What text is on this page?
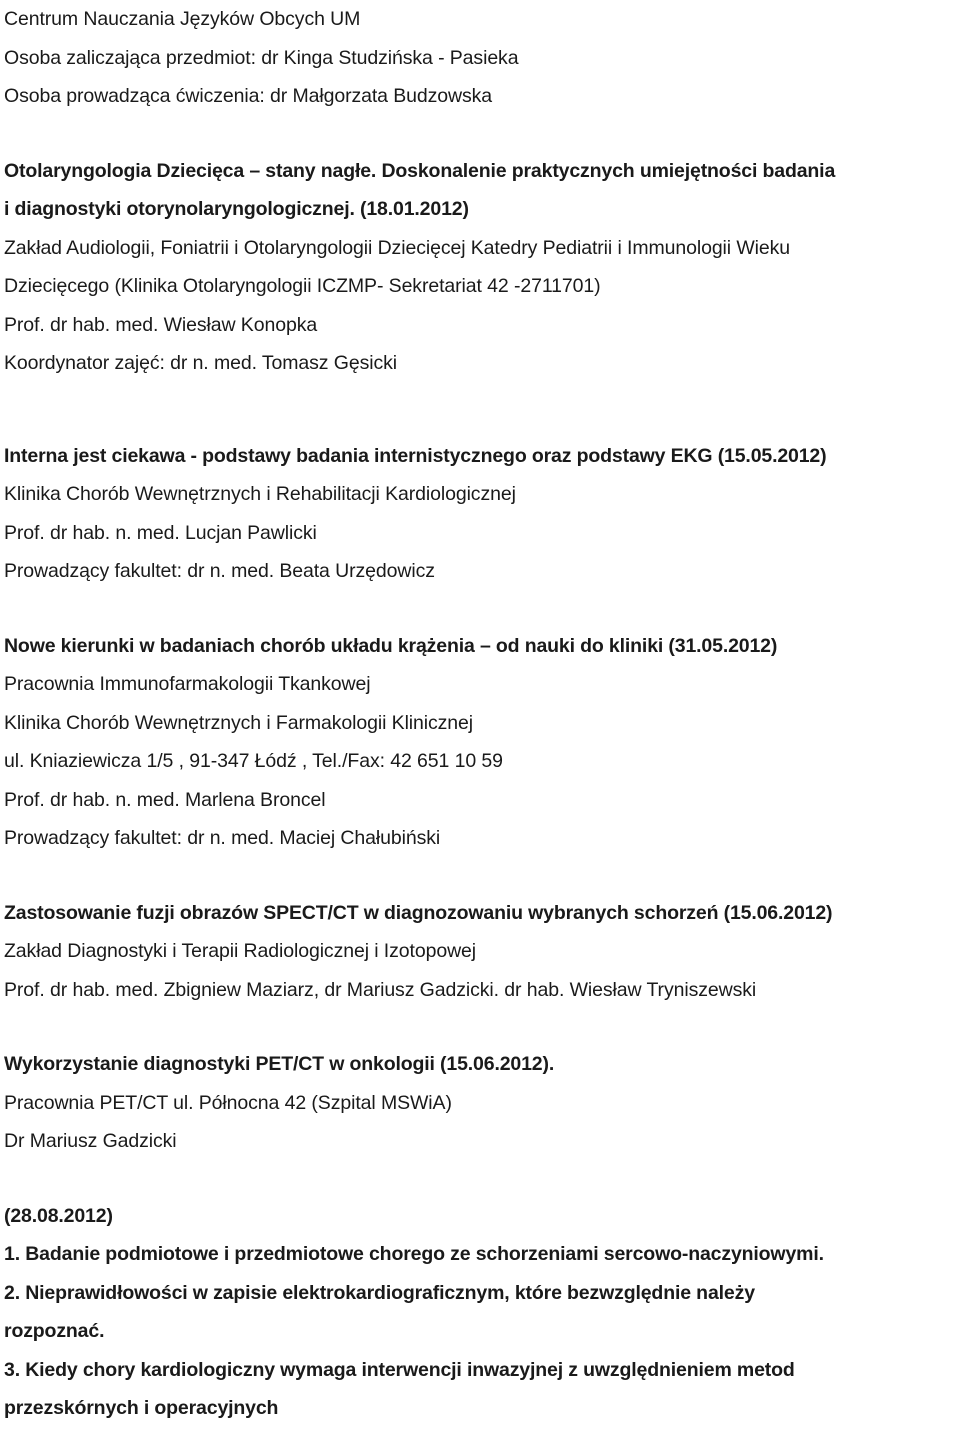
Centrum Nauczania Języków Obcych UM
Osoba zaliczająca przedmiot: dr Kinga Studzińska - Pasieka
Osoba prowadząca ćwiczenia: dr Małgorzata Budzowska
Otolaryngologia Dziecięca – stany nagłe. Doskonalenie praktycznych umiejętności badania
i diagnostyki otorynolaryngologicznej. (18.01.2012)
Zakład Audiologii, Foniatrii i Otolaryngologii Dziecięcej Katedry Pediatrii i Immunologii Wieku
Dziecięcego (Klinika Otolaryngologii ICZMP- Sekretariat 42 -2711701)
Prof. dr hab. med. Wiesław Konopka
Koordynator zajęć: dr n. med. Tomasz Gęsicki
Interna jest ciekawa - podstawy badania internistycznego oraz podstawy EKG (15.05.2012)
Klinika Chorób Wewnętrznych i Rehabilitacji Kardiologicznej
Prof. dr hab. n. med. Lucjan Pawlicki
Prowadzący fakultet: dr n. med. Beata Urzędowicz
Nowe kierunki w badaniach chorób układu krążenia – od nauki do kliniki (31.05.2012)
Pracownia Immunofarmakologii Tkankowej
Klinika Chorób Wewnętrznych i Farmakologii Klinicznej
ul. Kniaziewicza 1/5 , 91-347 Łódź , Tel./Fax: 42 651 10 59
Prof. dr hab. n. med. Marlena Broncel
Prowadzący fakultet: dr n. med. Maciej Chałubiński
Zastosowanie fuzji obrazów SPECT/CT w diagnozowaniu wybranych schorzeń (15.06.2012)
Zakład Diagnostyki i Terapii Radiologicznej i Izotopowej
Prof. dr hab. med. Zbigniew Maziarz, dr Mariusz Gadzicki. dr hab. Wiesław Tryniszewski
Wykorzystanie diagnostyki PET/CT w onkologii (15.06.2012).
Pracownia PET/CT ul. Północna 42 (Szpital MSWiA)
Dr Mariusz Gadzicki
(28.08.2012)
1. Badanie podmiotowe i przedmiotowe chorego ze schorzeniami sercowo-naczyniowymi.
2. Nieprawidłowości w zapisie elektrokardiograficznym, które bezwzględnie należy
rozpoznać.
3. Kiedy chory kardiologiczny wymaga interwencji inwazyjnej z uwzględnieniem metod
przezskórnych i operacyjnych
